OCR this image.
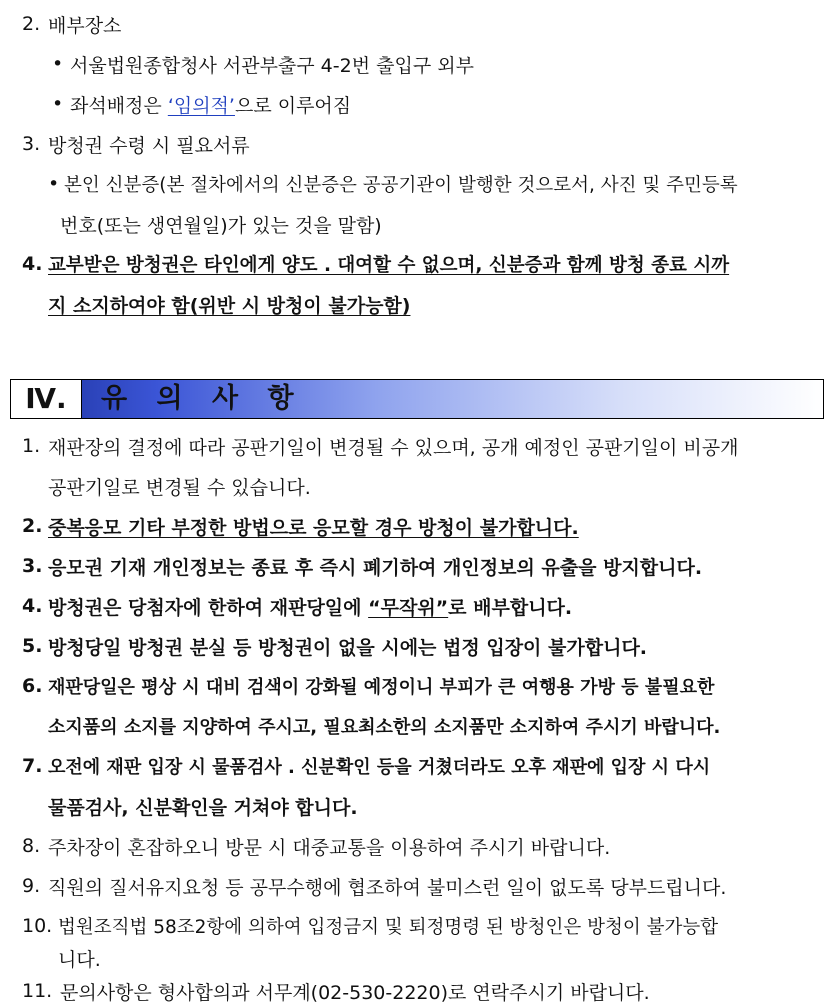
2. 배부장소
• 서울법원종합청사 서관부출구 4-2번 출입구 외부
• 좌석배정은 ‘임의적’으로 이루어짐
3. 방청권 수령 시 필요서류
• 본인 신분증(본 절차에서의 신분증은 공공기관이 발행한 것으로서, 사진 및 주민등록
번호(또는 생연월일)가 있는 것을 말함)
4. 교부받은 방청권은 타인에게 양도 . 대여할 수 없으며, 신분증과 함께 방청 종료 시까
지 소지하여야 함(위반 시 방청이 불가능함)
Ⅳ.	유 의 사 항
1. 재판장의 결정에 따라 공판기일이 변경될 수 있으며, 공개 예정인 공판기일이 비공개
공판기일로 변경될 수 있습니다.
2. 중복응모 기타 부정한 방법으로 응모할 경우 방청이 불가합니다.
3. 응모권 기재 개인정보는 종료 후 즉시 폐기하여 개인정보의 유출을 방지합니다.
4. 방청권은 당첨자에 한하여 재판당일에 “무작위”로 배부합니다.
5. 방청당일 방청권 분실 등 방청권이 없을 시에는 법정 입장이 불가합니다.
6. 재판당일은 평상 시 대비 검색이 강화될 예정이니 부피가 큰 여행용 가방 등 불필요한
소지품의 소지를 지양하여 주시고, 필요최소한의 소지품만 소지하여 주시기 바랍니다.
7. 오전에 재판 입장 시 물품검사 . 신분확인 등을 거쳤더라도 오후 재판에 입장 시 다시
물품검사, 신분확인을 거쳐야 합니다.
8. 주차장이 혼잡하오니 방문 시 대중교통을 이용하여 주시기 바랍니다.
9. 직원의 질서유지요청 등 공무수행에 협조하여 불미스런 일이 없도록 당부드립니다.
10. 법원조직법 58조2항에 의하여 입정금지 및 퇴정명령 된 방청인은 방청이 불가능합
니다.
11. 문의사항은 형사합의과 서무계(02-530-2220)로 연락주시기 바랍니다.
